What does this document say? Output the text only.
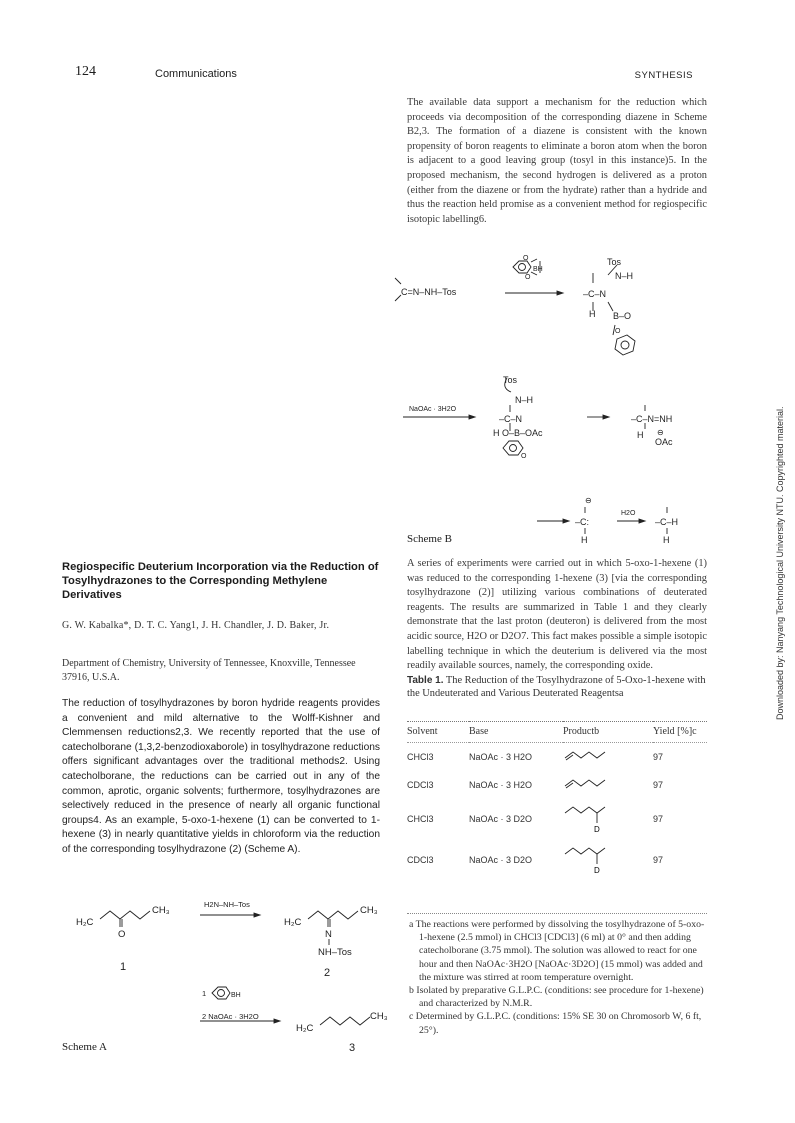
124	Communications	SYNTHESIS
The available data support a mechanism for the reduction which proceeds via decomposition of the corresponding diazene in Scheme B2,3. The formation of a diazene is consistent with the known propensity of boron reagents to eliminate a boron atom when the boron is adjacent to a good leaving group (tosyl in this instance)5. In the proposed mechanism, the second hydrogen is delivered as a proton (either from the diazene or from the hydrate) rather than a hydride and thus the reaction held promise as a convenient method for regiospecific isotopic labelling6.
C=N–NH–Tos
BH
O
O
Tos
N–H
–C–N
H B–O
O
NaOAc · 3H2O
Tos
N–H
–C–N
H O–B–OAc
O
–C–N=NH
H ⊖
OAc
–C:
⊖
H
H2O
–C–H
H
Scheme B
Regiospecific Deuterium Incorporation via the Reduction of Tosylhydrazones to the Corresponding Methylene Derivatives
G. W. Kabalka*, D. T. C. Yang1, J. H. Chandler, J. D. Baker, Jr.
Department of Chemistry, University of Tennessee, Knoxville, Tennessee 37916, U.S.A.
The reduction of tosylhydrazones by boron hydride reagents provides a convenient and mild alternative to the Wolff-Kishner and Clemmensen reductions2,3. We recently reported that the use of catecholborane (1,3,2-benzodioxaborole) in tosylhydrazone reductions offers significant advantages over the traditional methods2. Using catecholborane, the reductions can be carried out in any of the common, aprotic, organic solvents; furthermore, tosylhydrazones are selectively reduced in the presence of nearly all organic functional groups4. As an example, 5-oxo-1-hexene (1) can be converted to 1-hexene (3) in nearly quantitative yields in chloroform via the reduction of the corresponding tosylhydrazone (2) (Scheme A).
H₂C
CH₃
O
H2N–NH–Tos
H₂C
CH₃
N
NH–Tos
1	2
1	BH
2 NaOAc · 3H2O
H₂C
CH₃
3
Scheme A
A series of experiments were carried out in which 5-oxo-1-hexene (1) was reduced to the corresponding 1-hexene (3) [via the corresponding tosylhydrazone (2)] utilizing various combinations of deuterated reagents. The results are summarized in Table 1 and they clearly demonstrate that the last proton (deuteron) is delivered from the most acidic source, H2O or D2O7. This fact makes possible a simple isotopic labelling technique in which the deuterium is delivered via the most readily available sources, namely, the corresponding oxide.
Table 1. The Reduction of the Tosylhydrazone of 5-Oxo-1-hexene with the Undeuterated and Various Deuterated Reagentsa
Solvent	Base	Productb	Yield [%]c
CHCl3	NaOAc · 3 H2O		97
CDCl3	NaOAc · 3 H2O		97
CHCl3	NaOAc · 3 D2O	D	97
CDCl3	NaOAc · 3 D2O	D	97

a The reactions were performed by dissolving the tosylhydrazone of 5-oxo-1-hexene (2.5 mmol) in CHCl3 [CDCl3] (6 ml) at 0° and then adding catecholborane (3.75 mmol). The solution was allowed to react for one hour and then NaOAc·3H2O [NaOAc·3D2O] (15 mmol) was added and the mixture was stirred at room temperature overnight.

b Isolated by preparative G.L.P.C. (conditions: see procedure for 1-hexene) and characterized by N.M.R.

c Determined by G.L.P.C. (conditions: 15% SE 30 on Chromosorb W, 6 ft, 25°).

Downloaded by: Nanyang Technological University NTU. Copyrighted material.
